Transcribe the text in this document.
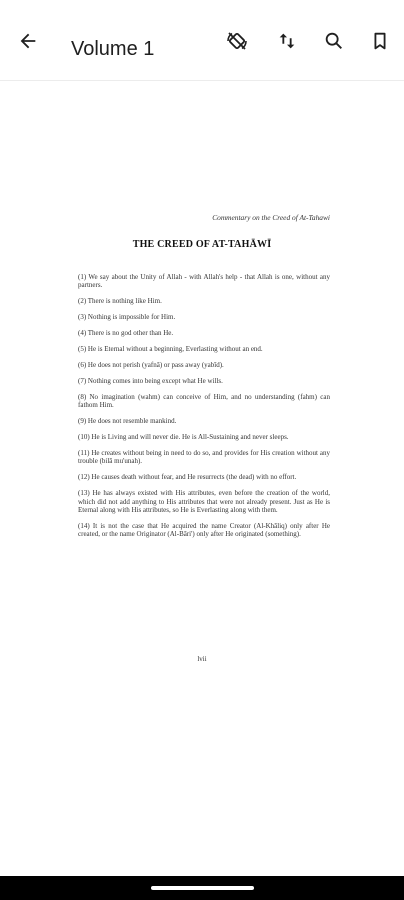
Volume 1
Commentary on the Creed of At-Tahawi
THE CREED OF AT-TAHĀWĪ

(1) We say about the Unity of Allah - with Allah's help - that Allah is one, without any partners.

(2) There is nothing like Him.

(3) Nothing is impossible for Him.

(4) There is no god other than He.

(5) He is Eternal without a beginning, Everlasting without an end.

(6) He does not perish (yafnā) or pass away (yabīd).

(7) Nothing comes into being except what He wills.

(8) No imagination (wahm) can conceive of Him, and no understanding (fahm) can fathom Him.

(9) He does not resemble mankind.

(10) He is Living and will never die. He is All-Sustaining and never sleeps.

(11) He creates without being in need to do so, and provides for His creation without any trouble (bilā mu'unah).

(12) He causes death without fear, and He resurrects (the dead) with no effort.

(13) He has always existed with His attributes, even before the creation of the world, which did not add anything to His attributes that were not already present. Just as He is Eternal along with His attributes, so He is Everlasting along with them.

(14) It is not the case that He acquired the name Creator (Al-Khāliq) only after He created, or the name Originator (Al-Bāri') only after He originated (something).

lvii
